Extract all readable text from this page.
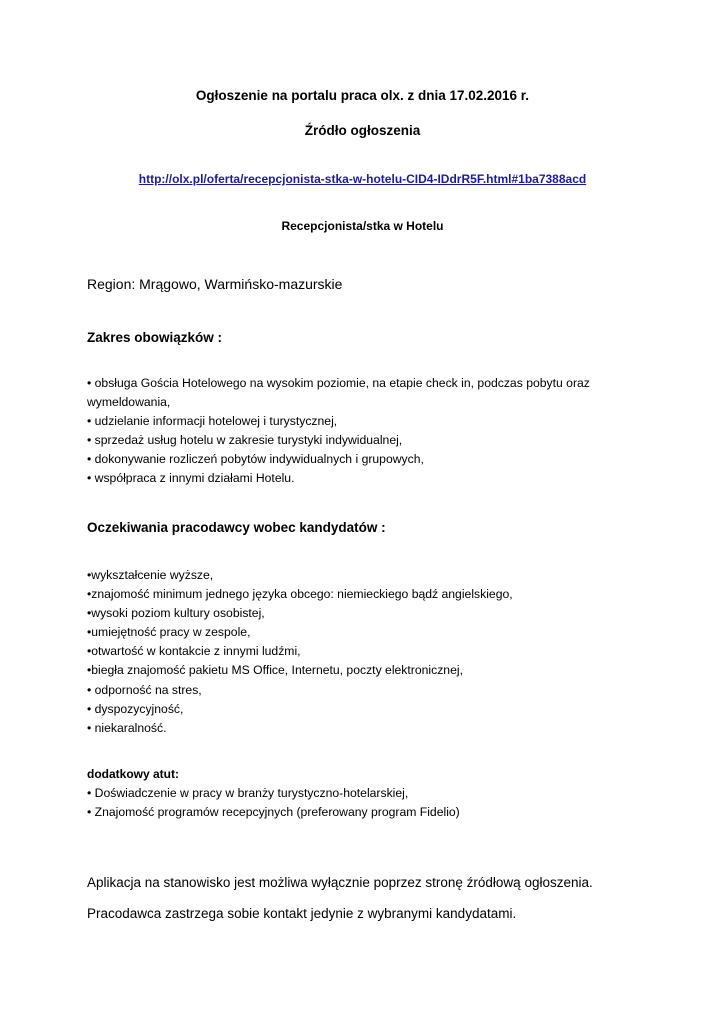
Ogłoszenie na portalu praca olx. z dnia 17.02.2016 r.
Źródło ogłoszenia
http://olx.pl/oferta/recepcjonista-stka-w-hotelu-CID4-IDdrR5F.html#1ba7388acd
Recepcjonista/stka w Hotelu
Region: Mrągowo, Warmińsko-mazurskie
Zakres obowiązków :
• obsługa Gościa Hotelowego na wysokim poziomie, na etapie check in, podczas pobytu oraz
wymeldowania,
• udzielanie informacji hotelowej i turystycznej,
• sprzedaż usług hotelu w zakresie turystyki indywidualnej,
• dokonywanie rozliczeń pobytów indywidualnych i grupowych,
• współpraca z innymi działami Hotelu.
Oczekiwania pracodawcy wobec kandydatów :
•wykształcenie wyższe,
•znajomość minimum jednego języka obcego: niemieckiego bądź angielskiego,
•wysoki poziom kultury osobistej,
•umiejętność pracy w zespole,
•otwartość w kontakcie z innymi ludźmi,
•biegła znajomość pakietu MS Office, Internetu, poczty elektronicznej,
• odporność na stres,
• dyspozycyjność,
• niekaralność.
dodatkowy atut:
• Doświadczenie w pracy w branży turystyczno-hotelarskiej,
• Znajomość programów recepcyjnych (preferowany program Fidelio)
Aplikacja na stanowisko jest możliwa wyłącznie poprzez stronę źródłową ogłoszenia.
Pracodawca zastrzega sobie kontakt jedynie z wybranymi kandydatami.
